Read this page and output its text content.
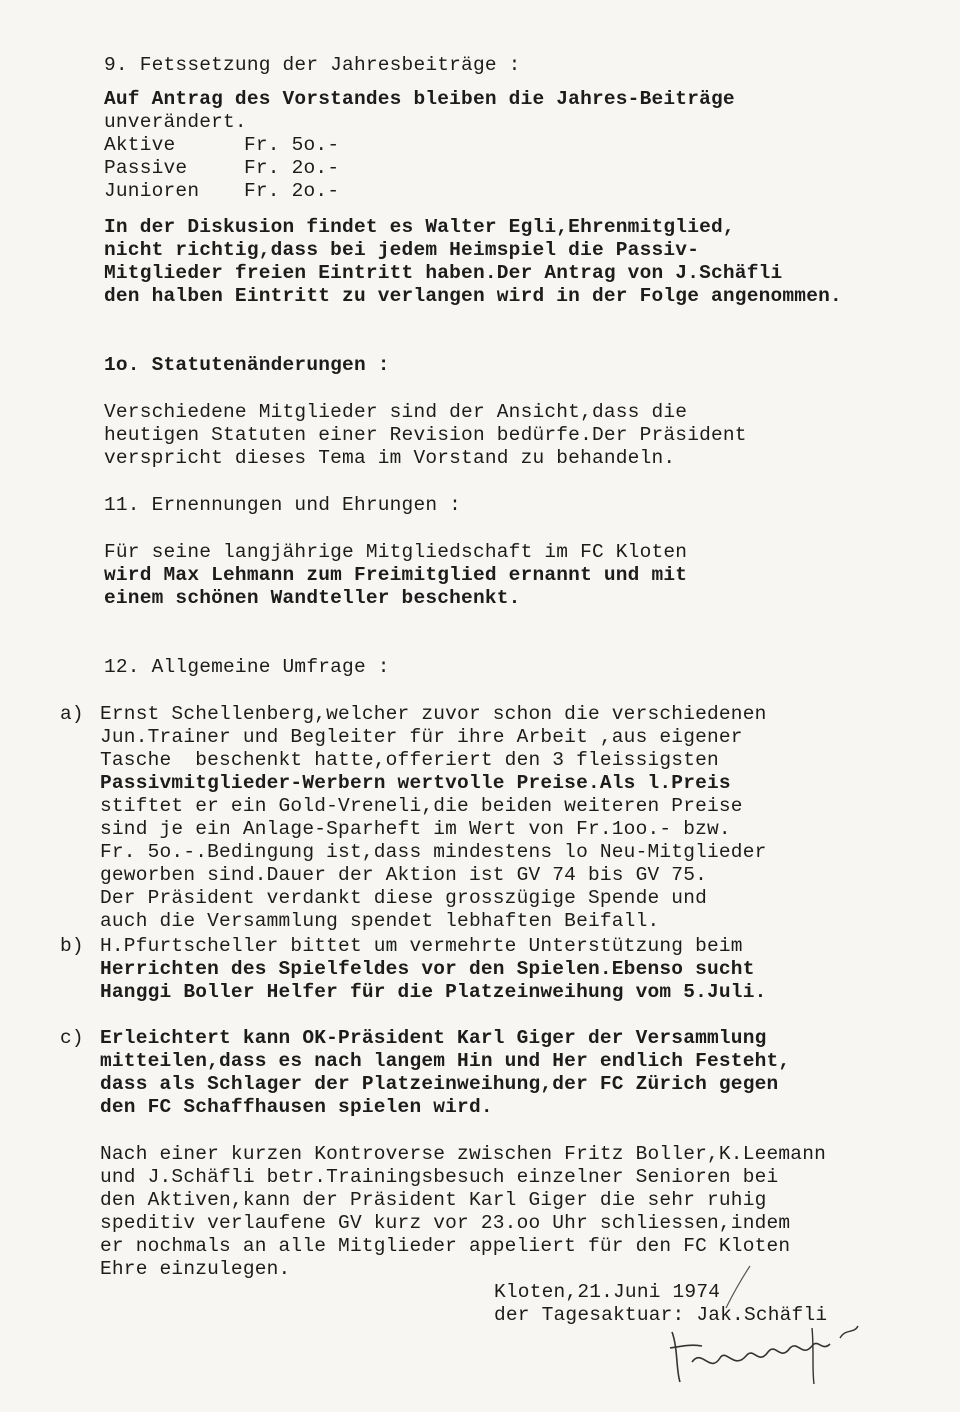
9. Fetssetzung der Jahresbeiträge :
Auf Antrag des Vorstandes bleiben die Jahres-Beiträge
unverändert.
Aktive	Fr. 5o.-
Passive	Fr. 2o.-
Junioren Fr. 2o.-
In der Diskusion findet es Walter Egli,Ehrenmitglied,
nicht richtig,dass bei jedem Heimspiel die Passiv-
Mitglieder freien Eintritt haben.Der Antrag von J.Schäfli
den halben Eintritt zu verlangen wird in der Folge angenommen.
1o. Statutenänderungen :
Verschiedene Mitglieder sind der Ansicht,dass die
heutigen Statuten einer Revision bedürfe.Der Präsident
verspricht dieses Tema im Vorstand zu behandeln.
11. Ernennungen und Ehrungen :
Für seine langjährige Mitgliedschaft im FC Kloten
wird Max Lehmann zum Freimitglied ernannt und mit
einem schönen Wandteller beschenkt.
12. Allgemeine Umfrage :
a) Ernst Schellenberg,welcher zuvor schon die verschiedenen
Jun.Trainer und Begleiter für ihre Arbeit ,aus eigener
Tasche  beschenkt hatte,offeriert den 3 fleissigsten
Passivmitglieder-Werbern wertvolle Preise.Als l.Preis
stiftet er ein Gold-Vreneli,die beiden weiteren Preise
sind je ein Anlage-Sparheft im Wert von Fr.1oo.- bzw.
Fr. 5o.-.Bedingung ist,dass mindestens lo Neu-Mitglieder
geworben sind.Dauer der Aktion ist GV 74 bis GV 75.
Der Präsident verdankt diese grosszügige Spende und
auch die Versammlung spendet lebhaften Beifall.
b) H.Pfurtscheller bittet um vermehrte Unterstützung beim
Herrichten des Spielfeldes vor den Spielen.Ebenso sucht
Hanggi Boller Helfer für die Platzeinweihung vom 5.Juli.
c) Erleichtert kann OK-Präsident Karl Giger der Versammlung
mitteilen,dass es nach langem Hin und Her endlich Festeht,
dass als Schlager der Platzeinweihung,der FC Zürich gegen
den FC Schaffhausen spielen wird.
Nach einer kurzen Kontroverse zwischen Fritz Boller,K.Leemann
und J.Schäfli betr.Trainingsbesuch einzelner Senioren bei
den Aktiven,kann der Präsident Karl Giger die sehr ruhig
speditiv verlaufene GV kurz vor 23.oo Uhr schliessen,indem
er nochmals an alle Mitglieder appeliert für den FC Kloten
Ehre einzulegen.
Kloten,21.Juni 1974
der Tagesaktuar: Jak.Schäfli
